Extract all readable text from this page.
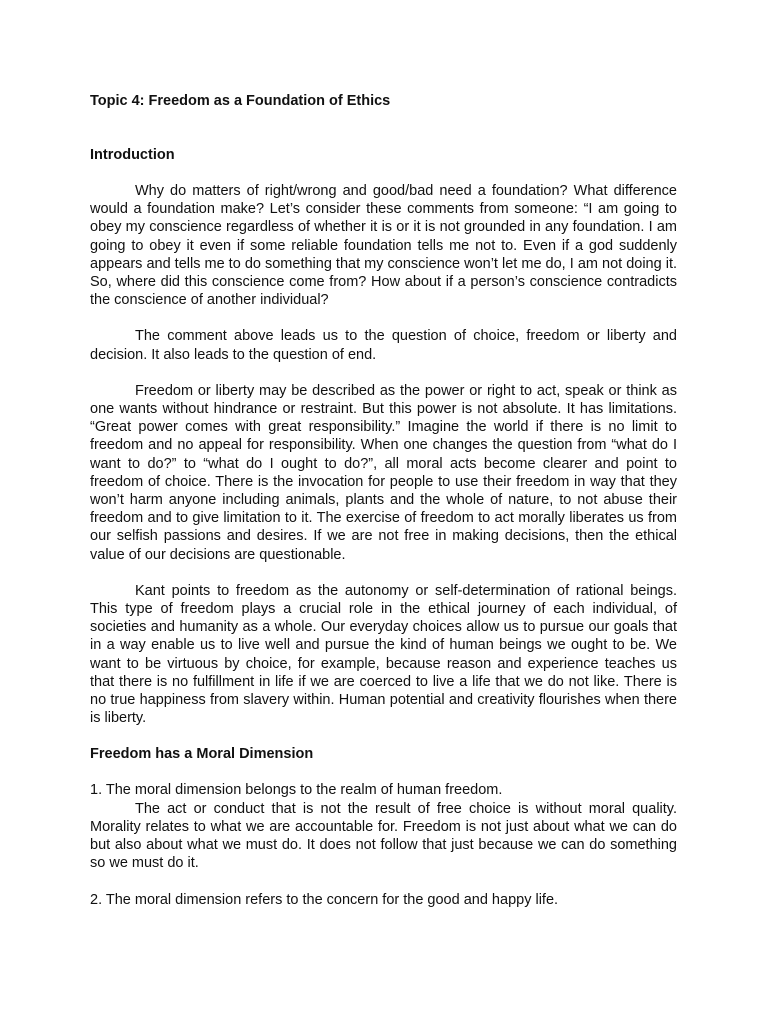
Topic 4: Freedom as a Foundation of Ethics
Introduction

Why do matters of right/wrong and good/bad need a foundation? What difference would a foundation make? Let’s consider these comments from someone: “I am going to obey my conscience regardless of whether it is or it is not grounded in any foundation. I am going to obey it even if some reliable foundation tells me not to. Even if a god suddenly appears and tells me to do something that my conscience won’t let me do, I am not doing it. So, where did this conscience come from? How about if a person’s conscience contradicts the conscience of another individual?

The comment above leads us to the question of choice, freedom or liberty and decision. It also leads to the question of end.

Freedom or liberty may be described as the power or right to act, speak or think as one wants without hindrance or restraint. But this power is not absolute. It has limitations. “Great power comes with great responsibility.” Imagine the world if there is no limit to freedom and no appeal for responsibility. When one changes the question from “what do I want to do?” to “what do I ought to do?”, all moral acts become clearer and point to freedom of choice. There is the invocation for people to use their freedom in way that they won’t harm anyone including animals, plants and the whole of nature, to not abuse their freedom and to give limitation to it. The exercise of freedom to act morally liberates us from our selfish passions and desires. If we are not free in making decisions, then the ethical value of our decisions are questionable.

Kant points to freedom as the autonomy or self-determination of rational beings. This type of freedom plays a crucial role in the ethical journey of each individual, of societies and humanity as a whole. Our everyday choices allow us to pursue our goals that in a way enable us to live well and pursue the kind of human beings we ought to be. We want to be virtuous by choice, for example, because reason and experience teaches us that there is no fulfillment in life if we are coerced to live a life that we do not like. There is no true happiness from slavery within. Human potential and creativity flourishes when there is liberty.

Freedom has a Moral Dimension

1. The moral dimension belongs to the realm of human freedom.

The act or conduct that is not the result of free choice is without moral quality. Morality relates to what we are accountable for. Freedom is not just about what we can do but also about what we must do. It does not follow that just because we can do something so we must do it.

2. The moral dimension refers to the concern for the good and happy life.
